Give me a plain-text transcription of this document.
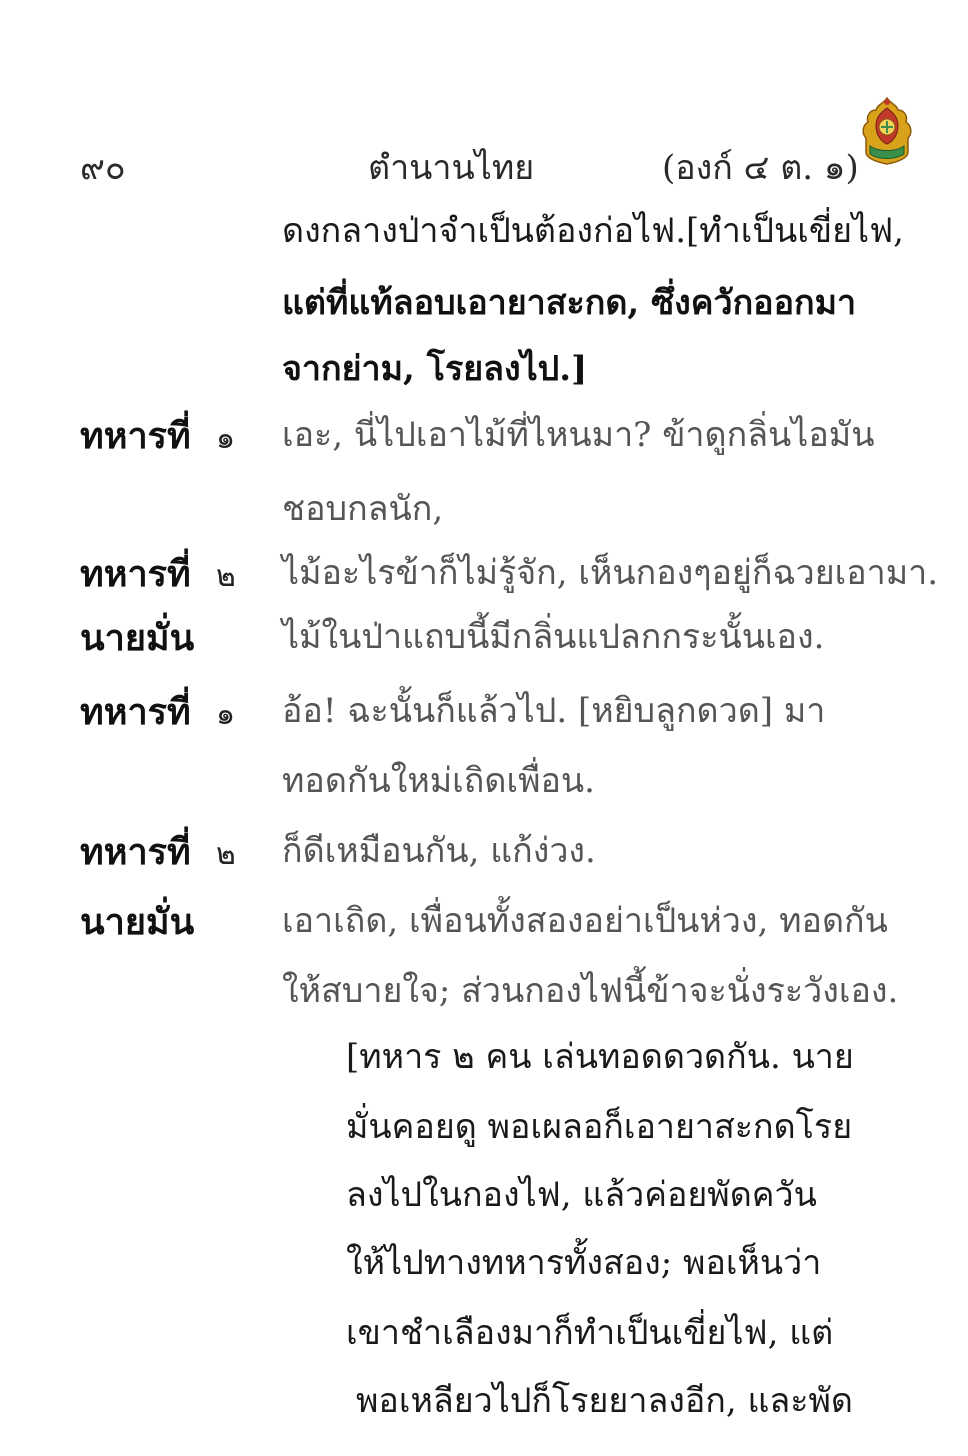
๙๐	ตำนานไทย	(องก์ ๔ ต. ๑)
ดงกลางป่าจำเป็นต้องก่อไฟ.[ทำเป็นเขี่ยไฟ,
แต่ที่แท้ลอบเอายาสะกด, ซึ่งควักออกมา
จากย่าม, โรยลงไป.]
ทหารที่ ๑ เอะ, นี่ไปเอาไม้ที่ไหนมา? ข้าดูกลิ่นไอมัน
ชอบกลนัก,
ทหารที่ ๒ ไม้อะไรข้าก็ไม่รู้จัก, เห็นกองๆอยู่ก็ฉวยเอามา.
นายมั่น	ไม้ในป่าแถบนี้มีกลิ่นแปลกกระนั้นเอง.
ทหารที่ ๑ อ้อ! ฉะนั้นก็แล้วไป. [หยิบลูกดวด] มา
ทอดกันใหม่เถิดเพื่อน.
ทหารที่ ๒ ก็ดีเหมือนกัน, แก้ง่วง.
นายมั่น	เอาเถิด, เพื่อนทั้งสองอย่าเป็นห่วง, ทอดกัน
ให้สบายใจ; ส่วนกองไฟนี้ข้าจะนั่งระวังเอง.
[ทหาร ๒ คน เล่นทอดดวดกัน. นาย
มั่นคอยดู พอเผลอก็เอายาสะกดโรย
ลงไปในกองไฟ, แล้วค่อยพัดควัน
ให้ไปทางทหารทั้งสอง; พอเห็นว่า
เขาชำเลืองมาก็ทำเป็นเขี่ยไฟ, แต่
พอเหลียวไปก็โรยยาลงอีก, และพัด
